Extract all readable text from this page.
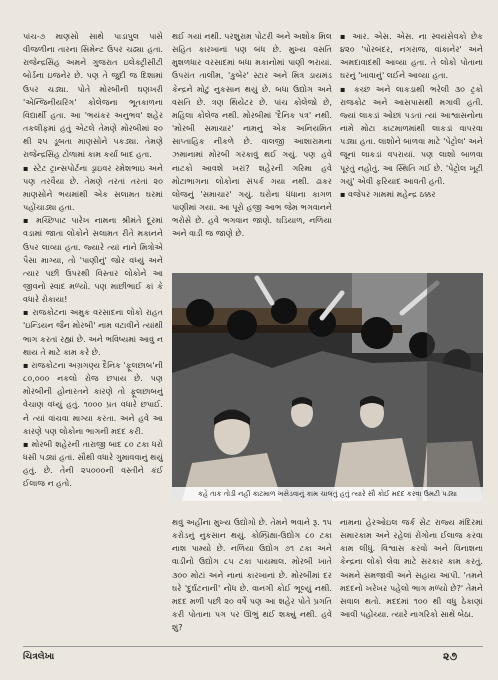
પાંચ-૭ માણસો સાથે પાડાપુલ પાસે વીજળીના તારના સિમેન્ટ ઉપર ચઢ્યા હતા. રાજેન્દ્રસિંહ અમને ગુજરાત ઇલેક્ટ્રીસીટી બોર્ડના ઇજનેર છે. પણ તે જુદી જ દિશામાં ઉપર ચડ્યા. પોતે મોરબીની ઘણખરી 'એન્જિનીયરિંગ' કોલેજના ભૂતકાળના વિદ્યાર્થી હતા. આ 'ભયંકર અનુભવ' શહેર તકલીફમાં હતું એટલે તેમણે મોરબીમાં ૨૦ થી ૨૫ ડૂબતા માણસોને પકડ્યા. તેમણે રાજેન્દ્રસિંહ ટોળામાં કામ કર્યા બાદ હતા.

▪ સ્ટેટ ટ્રાન્સપોર્ટના ડ્રાઇવર રમેશભાઇ અને પણ તરવૈયા છે. તેમણે તરતાં તરતાં ૨૦ માણસોને ભયમાંથી એક સલામત ઘરમાં પહોંચાડ્યા હતા.

▪ મચ્છિપાટ પારેખ નામના શ્રીમંતે દૂરમાં વડામાં જાતા લોકોને સલામત રીતે મકાનને ઉપર લાવ્યા હતા. જ્યારે ત્યાં નાને મિત્રોએ પૈસા માગ્યા, તો 'પાણીનું' જોર વધ્યું અને ત્યાર પછી ઉપરથી વિસ્તાર લોકોને આ જીવનો સ્વાદ મળ્યો. પણ માછીભાઈ કાં કે વધારે રોકાયા!

▪ રાજકોટના અમુક વરસાદના લોકો રાહત 'ઇન્ડિયન જૈન મોરબી' નામ વટાવીને ત્યાંથી ભાગ કરતાં રહ્યાં છે. અને ભવિષ્યમાં આવું ન થાય તે માટે કામ કરે છે.

▪ રાજકોટના અગ્રગણ્ય દૈનિક 'ફૂલછાબ'ની ૮૦,૦૦૦ નકલો રોજ છપાય છે. પણ મોરબીની હોનારતને કારણે તો ફૂલછાબનું વેચાણ વધ્યું હતું. ૧૦૦૦ પ્રત વધારે છપાઈ. ને ત્યાં વાંચવા માગ્યા કરતા. અને હવે આ કારણે પણ લોકોના ભાગની મદદ કરી.

▪ મોરબી શહેરની તારાજી બાદ ૮૦ ટકા ધરો ધસી પડ્યાં હતાં. સૌથી વધારે ગુમાવવાનું થયું હતું. છે. તેની ૨૫૦૦૦ની વસ્તીને કંઈ ઈલાજ ન હતો.

થઈ ગયાં નથી. પરશુરામ પોટરી અને અશોક મિલ સહિત કારખાનાં પણ બંધ છે. મુખ્ય વસતિ મુશળધાર વરસાદમાં બધા મકાનોમાં પાણી ભરાયાં. ઉપરાંત તાલીમ, 'કુબેર' સ્ટાર અને મિત્ર ડાયમંડ કેન્દ્રને મોટું નુકસાન થયું છે. બધા ઉદ્યોગ અને વસતિ છે. ત્રણ થિયેટર છે. પાંચ કોલેજો છે, મહિલા કોલેજ નથી. મોરબીમાં 'દૈનિક પત્ર' નથી. 'મોરબી સમાચાર' નામનું એક અનિયમિત સાપ્તાહિક નીકળે છે. વાલજી આશારામના ઝમાનામાં મોરબી ગરકાવું થઈ ગયું. પણ હવે નાટકો આવશે ખરાં? શહેરની ગરિમા હવે મોટાભાગના લોકોના સંપર્ક ગયા નથી. ઢાકર લોજનું 'સમાચાર' ગયું. ઘરોના ધંધાના કાગળ પાણીમાં ગયા. આ પૂરો હજી આભ જેમ ભગવાનને ભરોસે છે. હવે ભગવાન જાણે. ઘડિયાળ, નળિયા અને વાડી જ જાણે છે.

▪ આર. એસ. એસ. ના સ્વયંસેવકો છેક ૪૨૦ 'પોરબંદર, નગરાજ, વાંકાનેર' અને અમદાવાદથી આવ્યા હતા. તે લોકો પોતાના ઘરનું 'ખાવાનું' લઈને આવ્યા હતા.

▪ કચ્છ અને લાકડાથી ભરેલી ૩૦ ટ્રકો રાજકોટ અને આસપાસથી મગાવી હતી. જ્યાં લાકડાં ઓછાં પડતાં ત્યાં આશ્વાસનોના નામે મોટા કાટમાળમાંથી લાકડાં વાપરવા પડ્યા હતા. લાશોને બાળવા માટે 'પેટ્રોલ' અને જૂનાં લાકડાં વપરાયાં. પણ લાશો બાળવા પૂરતું નહોતું. આ સ્થિતિ ગઈ છે. 'પેટ્રોલ ખૂટી ગયું' એવી ફરિયાદ આવતી હતી.

▪ વજેપર ગામમાં મહેન્દ્ર ઠક્કર

કહે તાક તોડી નહીં કાટમાળ ખસેડવાનું કામ ચાલતું હતું ત્યારે સૌ કોઈ મદદ કરવા ઉમટી પડ્યા

થવું અહીંના મુખ્ય ઉદ્યોગો છે. તેમને ભવાને રૂ. ૧૫ કરોડનું નુકસાન થયું. કોમ્પ્રિક્ષા-ઉદ્યોગ ૮૦ ટકા નાશ પામ્યો છે. નળિયા ઉદ્યોગ ૭૧ ટકા અને વાડીનો ઉદ્યોગ ૮૫ ટકા પાયમાલ. મોરબી ખાતે ૩૦૦ મોટાં અને નાનાં કારખાનાં છે. મોરબીમાં દર ઘરે 'દુર્ઘટનાની' નોંધ છે. વાનગી કોઈ ભૂલ્યું નથી. મદદ મળી પછી ૨૦ વર્ષે પણ આ શહેર પોતે પ્રગતિ કરી પોતાના પગ પર ઊભું થઈ શક્યું નથી. હવે શું?

નામના હેરઓઇલ જર્ક સેટ રાજ્ય મંદિરમાં સમારકામ અને રહેલાં રોગોના ઈલાજ કરવા કામ લીધું. વિશ્વાસ કરવો અને વિનાશના કેન્દ્રના લોકો લેવા માટે સરકાર કામ કરતું. અમને સમજાવી અને સહાય આપી. 'તમને મદદનો ખરેખર પહેલો ભાગ મળ્યો છે?' તેમને સવાલ થતો. મદદમાં ૧૦૦ થી વધુ ઠેકાણાં આવી પહોંચ્યા. ત્યારે નાગરિકો સાથે બેઠા.

ચિત્રલેખા	૨૭
